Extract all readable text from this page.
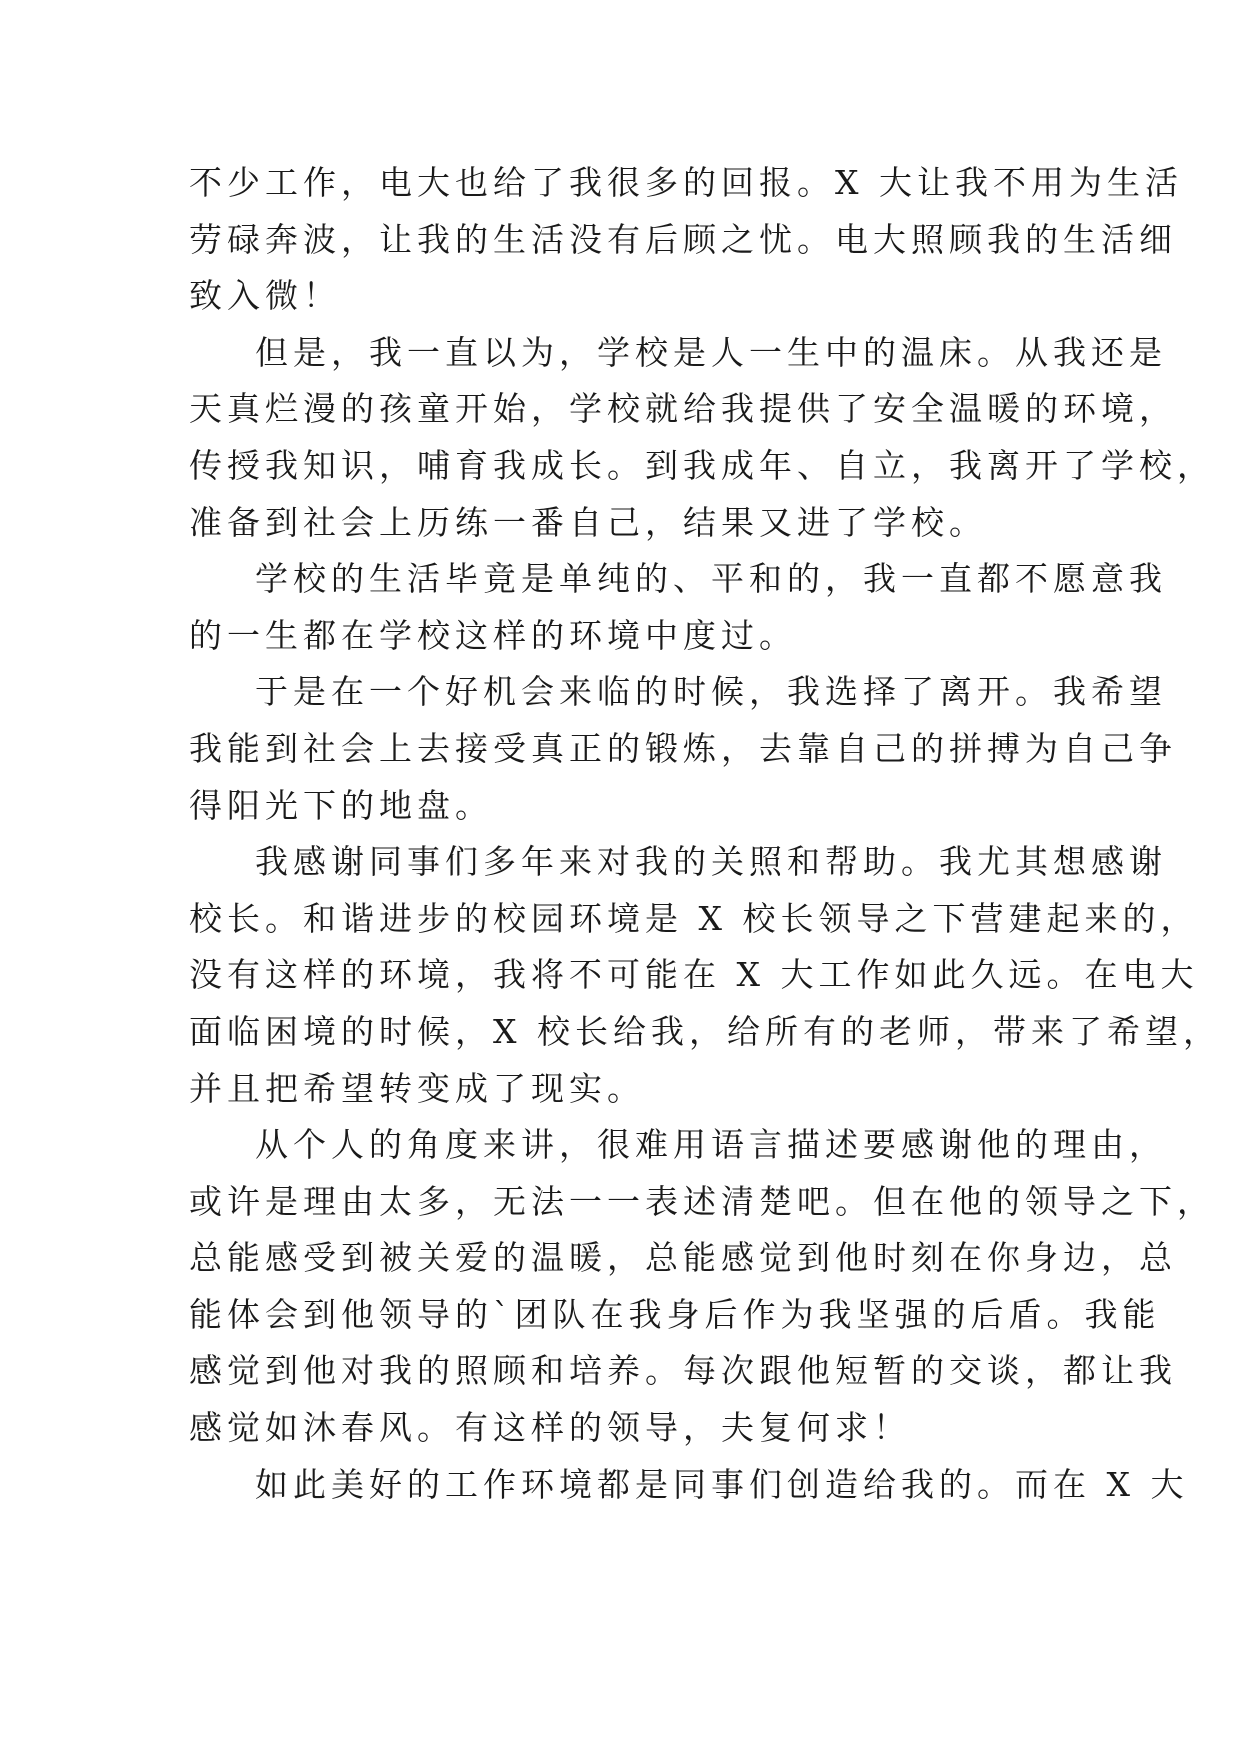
不少工作，电大也给了我很多的回报。X 大让我不用为生活
劳碌奔波，让我的生活没有后顾之忧。电大照顾我的生活细
致入微！
但是，我一直以为，学校是人一生中的温床。从我还是
天真烂漫的孩童开始，学校就给我提供了安全温暖的环境，
传授我知识，哺育我成长。到我成年、自立，我离开了学校，
准备到社会上历练一番自己，结果又进了学校。
学校的生活毕竟是单纯的、平和的，我一直都不愿意我
的一生都在学校这样的环境中度过。
于是在一个好机会来临的时候，我选择了离开。我希望
我能到社会上去接受真正的锻炼，去靠自己的拼搏为自己争
得阳光下的地盘。
我感谢同事们多年来对我的关照和帮助。我尤其想感谢
校长。和谐进步的校园环境是 X 校长领导之下营建起来的，
没有这样的环境，我将不可能在 X 大工作如此久远。在电大
面临困境的时候，X 校长给我，给所有的老师，带来了希望，
并且把希望转变成了现实。
从个人的角度来讲，很难用语言描述要感谢他的理由，
或许是理由太多，无法一一表述清楚吧。但在他的领导之下，
总能感受到被关爱的温暖，总能感觉到他时刻在你身边，总
能体会到他领导的`团队在我身后作为我坚强的后盾。我能
感觉到他对我的照顾和培养。每次跟他短暂的交谈，都让我
感觉如沐春风。有这样的领导，夫复何求！
如此美好的工作环境都是同事们创造给我的。而在 X 大
